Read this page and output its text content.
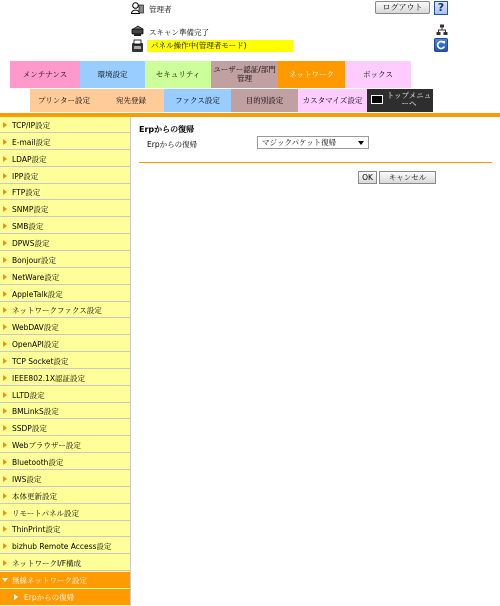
管理者	ログアウト	?
スキャン準備完了
パネル操作中(管理者モード)
メンテナンス	環境設定	セキュリティ
ユーザー認証/部門管理	ネットワーク	ボックス
プリンター設定	宛先登録	ファクス設定	目的別設定	カスタマイズ設定
トップメニューへ
TCP/IP設定
E-mail設定
LDAP設定
IPP設定
FTP設定
SNMP設定
SMB設定
DPWS設定
Bonjour設定
NetWare設定
AppleTalk設定
ネットワークファクス設定
WebDAV設定
OpenAPI設定
TCP Socket設定
IEEE802.1X認証設定
LLTD設定
BMLinkS設定
SSDP設定
Webブラウザー設定
Bluetooth設定
IWS設定
本体更新設定
リモートパネル設定
ThinPrint設定
bizhub Remote Access設定
ネットワークI/F構成
無線ネットワーク設定
Erpからの復帰
Erpからの復帰
Erpからの復帰	マジックパケット復帰
OK	キャンセル
